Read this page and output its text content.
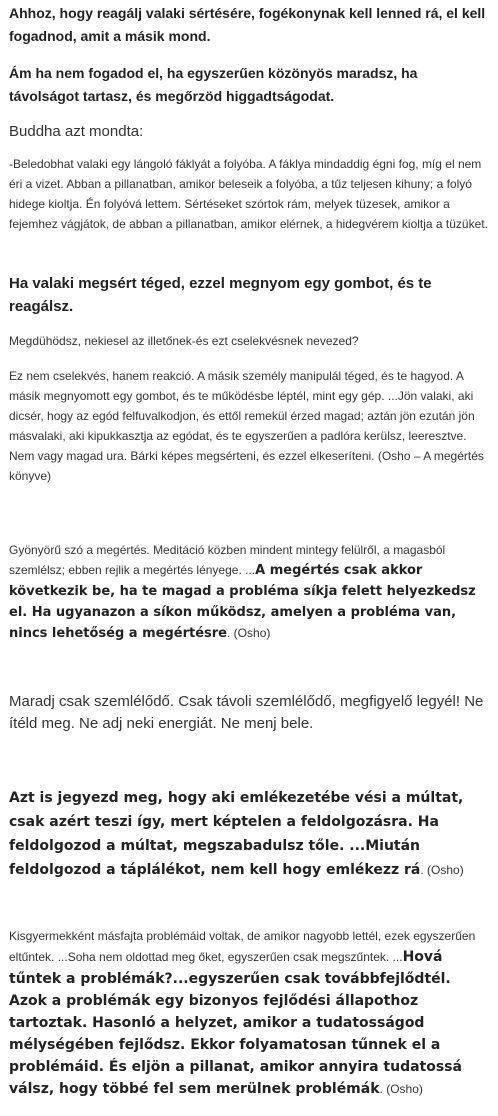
Ahhoz, hogy reagálj valaki sértésére, fogékonynak kell lenned rá, el kell fogadnod, amit a másik mond.

Ám ha nem fogadod el, ha egyszerűen közönyös maradsz, ha távolságot tartasz, és megőrzöd higgadtságodat.

Buddha azt mondta:

-Beledobhat valaki egy lángoló fáklyát a folyóba. A fáklya mindaddig égni fog, míg el nem éri a vizet. Abban a pillanatban, amikor beleseik a folyóba, a tűz teljesen kihuny; a folyó hidege kioltja. Én folyóvá lettem. Sértéseket szórtok rám, melyek tüzesek, amikor a fejemhez vágjátok, de abban a pillanatban, amikor elérnek, a hidegvérem kioltja a tüzüket.

Ha valaki megsért téged, ezzel megnyom egy gombot, és te reagálsz.

Megdühödsz, nekiesel az illetőnek-és ezt cselekvésnek nevezed?

Ez nem cselekvés, hanem reakció. A másik személy manipulál téged, és te hagyod. A másik megnyomott egy gombot, és te működésbe léptél, mint egy gép. ...Jön valaki, aki dicsér, hogy az egód felfuvalkodjon, és ettől remekül érzed magad; aztán jön ezután jön másvalaki, aki kipukkasztja az egódat, és te egyszerűen a padlóra kerülsz, leeresztve. Nem vagy magad ura. Bárki képes megsérteni, és ezzel elkeseríteni. (Osho – A megértés könyve)

Gyönyörű szó a megértés. Meditáció közben mindent mintegy felülről, a magasból szemlélsz; ebben rejlik a megértés lényege. ...A megértés csak akkor következik be, ha te magad a probléma síkja felett helyezkedsz el. Ha ugyanazon a síkon működsz, amelyen a probléma van, nincs lehetőség a megértésre. (Osho)

Maradj csak szemlélődő. Csak távoli szemlélődő, megfigyelő legyél! Ne ítéld meg. Ne adj neki energiát. Ne menj bele.

Azt is jegyezd meg, hogy aki emlékezetébe vési a múltat, csak azért teszi így, mert képtelen a feldolgozásra. Ha feldolgozod a múltat, megszabadulsz tőle. ...Miután feldolgozod a táplálékot, nem kell hogy emlékezz rá. (Osho)

Kisgyermekként másfajta problémáid voltak, de amikor nagyobb lettél, ezek egyszerűen eltűntek. ...Soha nem oldottad meg őket, egyszerűen csak megszűntek. ...Hová tűntek a problémák?...egyszerűen csak továbbfejlődtél. Azok a problémák egy bizonyos fejlődési állapothoz tartoztak. Hasonló a helyzet, amikor a tudatosságod mélységében fejlődsz. Ekkor folyamatosan tűnnek el a problémáid. És eljön a pillanat, amikor annyira tudatossá válsz, hogy többé fel sem merülnek problémák. (Osho)
